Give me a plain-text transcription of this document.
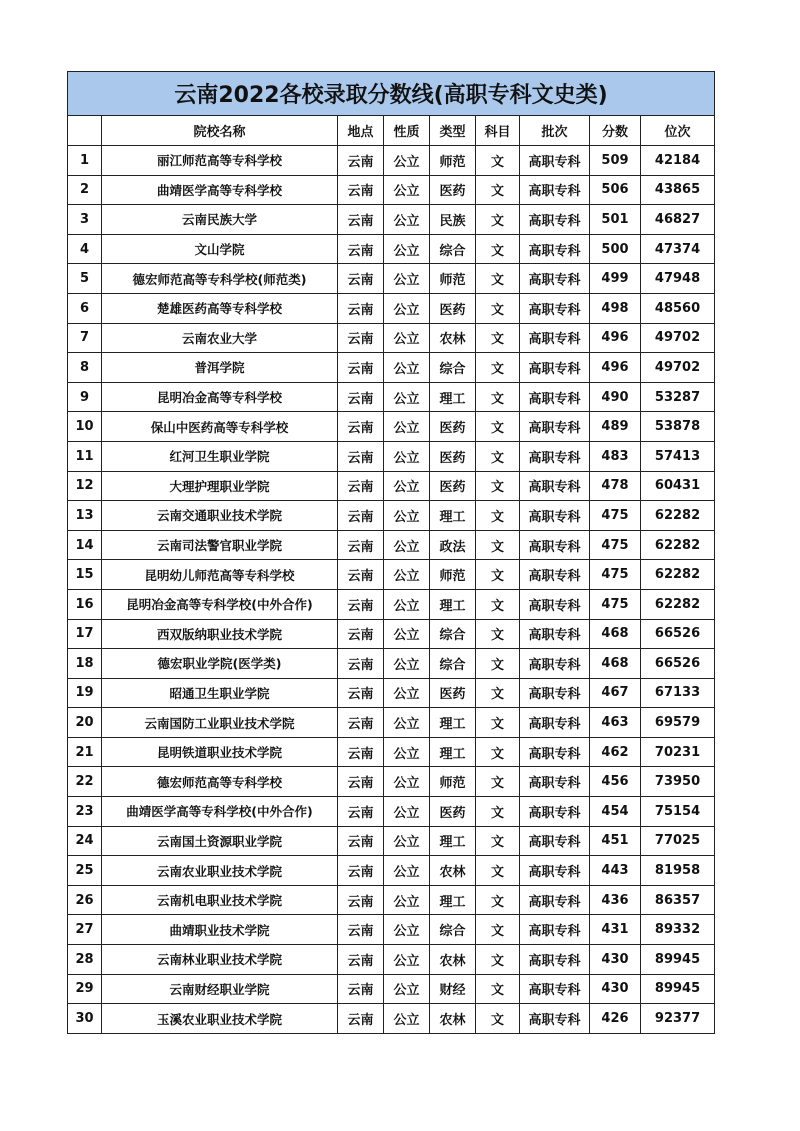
云南2022各校录取分数线(高职专科文史类)								
	院校名称	地点	性质	类型	科目	批次	分数	位次
1	丽江师范高等专科学校	云南	公立	师范	文	高职专科	509	42184
2	曲靖医学高等专科学校	云南	公立	医药	文	高职专科	506	43865
3	云南民族大学	云南	公立	民族	文	高职专科	501	46827
4	文山学院	云南	公立	综合	文	高职专科	500	47374
5	德宏师范高等专科学校(师范类)	云南	公立	师范	文	高职专科	499	47948
6	楚雄医药高等专科学校	云南	公立	医药	文	高职专科	498	48560
7	云南农业大学	云南	公立	农林	文	高职专科	496	49702
8	普洱学院	云南	公立	综合	文	高职专科	496	49702
9	昆明冶金高等专科学校	云南	公立	理工	文	高职专科	490	53287
10	保山中医药高等专科学校	云南	公立	医药	文	高职专科	489	53878
11	红河卫生职业学院	云南	公立	医药	文	高职专科	483	57413
12	大理护理职业学院	云南	公立	医药	文	高职专科	478	60431
13	云南交通职业技术学院	云南	公立	理工	文	高职专科	475	62282
14	云南司法警官职业学院	云南	公立	政法	文	高职专科	475	62282
15	昆明幼儿师范高等专科学校	云南	公立	师范	文	高职专科	475	62282
16	昆明冶金高等专科学校(中外合作)	云南	公立	理工	文	高职专科	475	62282
17	西双版纳职业技术学院	云南	公立	综合	文	高职专科	468	66526
18	德宏职业学院(医学类)	云南	公立	综合	文	高职专科	468	66526
19	昭通卫生职业学院	云南	公立	医药	文	高职专科	467	67133
20	云南国防工业职业技术学院	云南	公立	理工	文	高职专科	463	69579
21	昆明铁道职业技术学院	云南	公立	理工	文	高职专科	462	70231
22	德宏师范高等专科学校	云南	公立	师范	文	高职专科	456	73950
23	曲靖医学高等专科学校(中外合作)	云南	公立	医药	文	高职专科	454	75154
24	云南国土资源职业学院	云南	公立	理工	文	高职专科	451	77025
25	云南农业职业技术学院	云南	公立	农林	文	高职专科	443	81958
26	云南机电职业技术学院	云南	公立	理工	文	高职专科	436	86357
27	曲靖职业技术学院	云南	公立	综合	文	高职专科	431	89332
28	云南林业职业技术学院	云南	公立	农林	文	高职专科	430	89945
29	云南财经职业学院	云南	公立	财经	文	高职专科	430	89945
30	玉溪农业职业技术学院	云南	公立	农林	文	高职专科	426	92377
